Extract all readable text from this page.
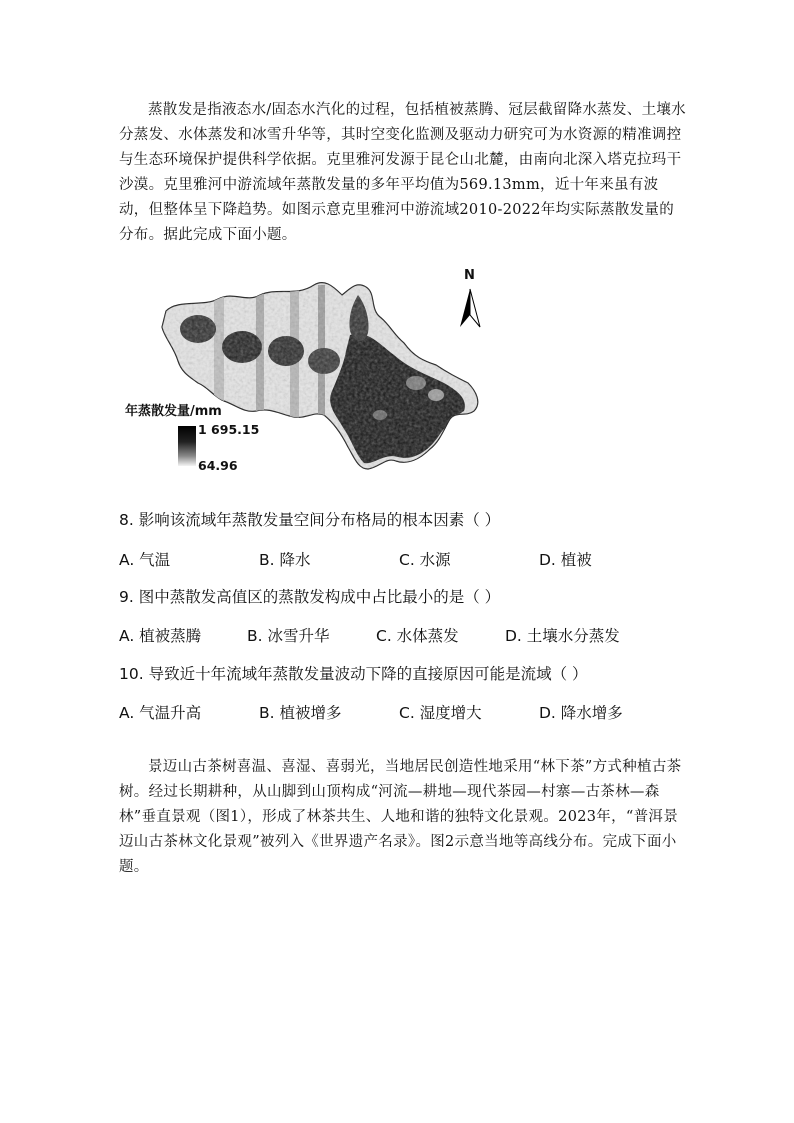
蒸散发是指液态水/固态水汽化的过程，包括植被蒸腾、冠层截留降水蒸发、土壤水分蒸发、水体蒸发和冰雪升华等，其时空变化监测及驱动力研究可为水资源的精准调控与生态环境保护提供科学依据。克里雅河发源于昆仑山北麓，由南向北深入塔克拉玛干沙漠。克里雅河中游流域年蒸散发量的多年平均值为569.13mm，近十年来虽有波动，但整体呈下降趋势。如图示意克里雅河中游流域2010-2022年均实际蒸散发量的分布。据此完成下面小题。

N
年蒸散发量/mm
1 695.15
64.96

8. 影响该流域年蒸散发量空间分布格局的根本因素（ ）

A. 气温	B. 降水	C. 水源	D. 植被

9. 图中蒸散发高值区的蒸散发构成中占比最小的是（ ）

A. 植被蒸腾	B. 冰雪升华	C. 水体蒸发	D. 土壤水分蒸发

10. 导致近十年流域年蒸散发量波动下降的直接原因可能是流域（ ）

A. 气温升高	B. 植被增多	C. 湿度增大	D. 降水增多

景迈山古茶树喜温、喜湿、喜弱光，当地居民创造性地采用“林下茶”方式种植古茶树。经过长期耕种，从山脚到山顶构成“河流—耕地—现代茶园—村寨—古茶林—森林”垂直景观（图1），形成了林茶共生、人地和谐的独特文化景观。2023年，“普洱景迈山古茶林文化景观”被列入《世界遗产名录》。图2示意当地等高线分布。完成下面小题。
